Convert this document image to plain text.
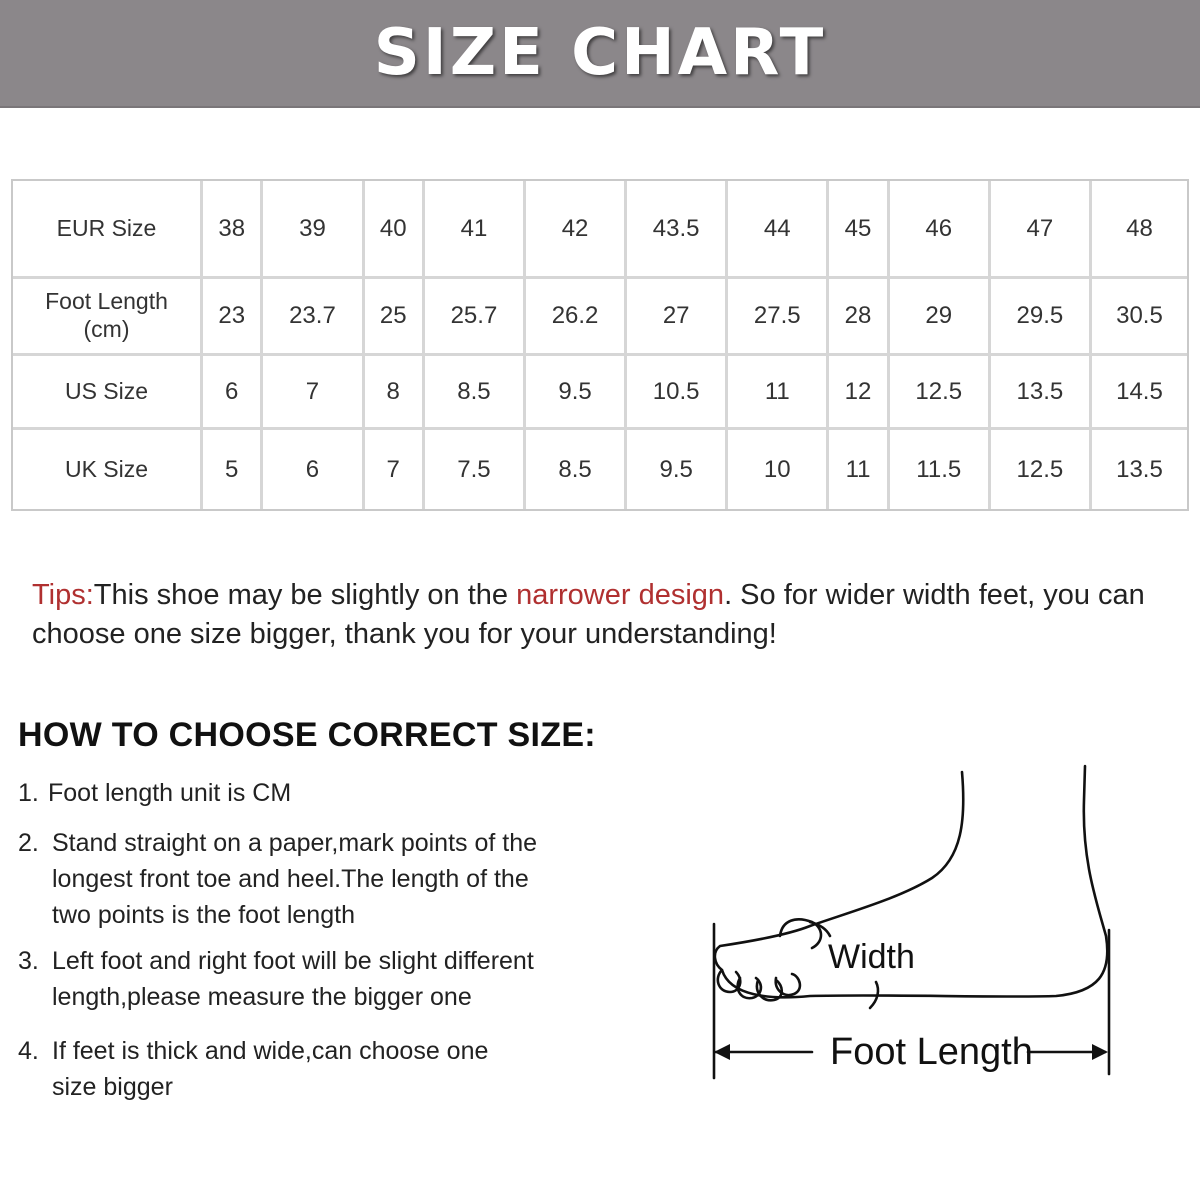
SIZE CHART
EUR Size	38	39	40	41	42	43.5	44	45	46	47	48

Foot Length
(cm)	23	23.7	25	25.7	26.2	27	27.5	28	29	29.5	30.5
US Size	6	7	8	8.5	9.5	10.5	11	12	12.5	13.5	14.5
UK Size	5	6	7	7.5	8.5	9.5	10	11	11.5	12.5	13.5

Tips:This shoe may be slightly on the narrower design. So for wider width feet, you can choose one size bigger, thank you for your understanding!

HOW TO CHOOSE CORRECT SIZE:
1. Foot length unit is CM
2. Stand straight on a paper,mark points of the
longest front toe and heel.The length of the
two points is the foot length
3. Left foot and right foot will be slight different
length,please measure the bigger one
4. If feet is thick and wide,can choose one
size bigger
Width
Foot Length
